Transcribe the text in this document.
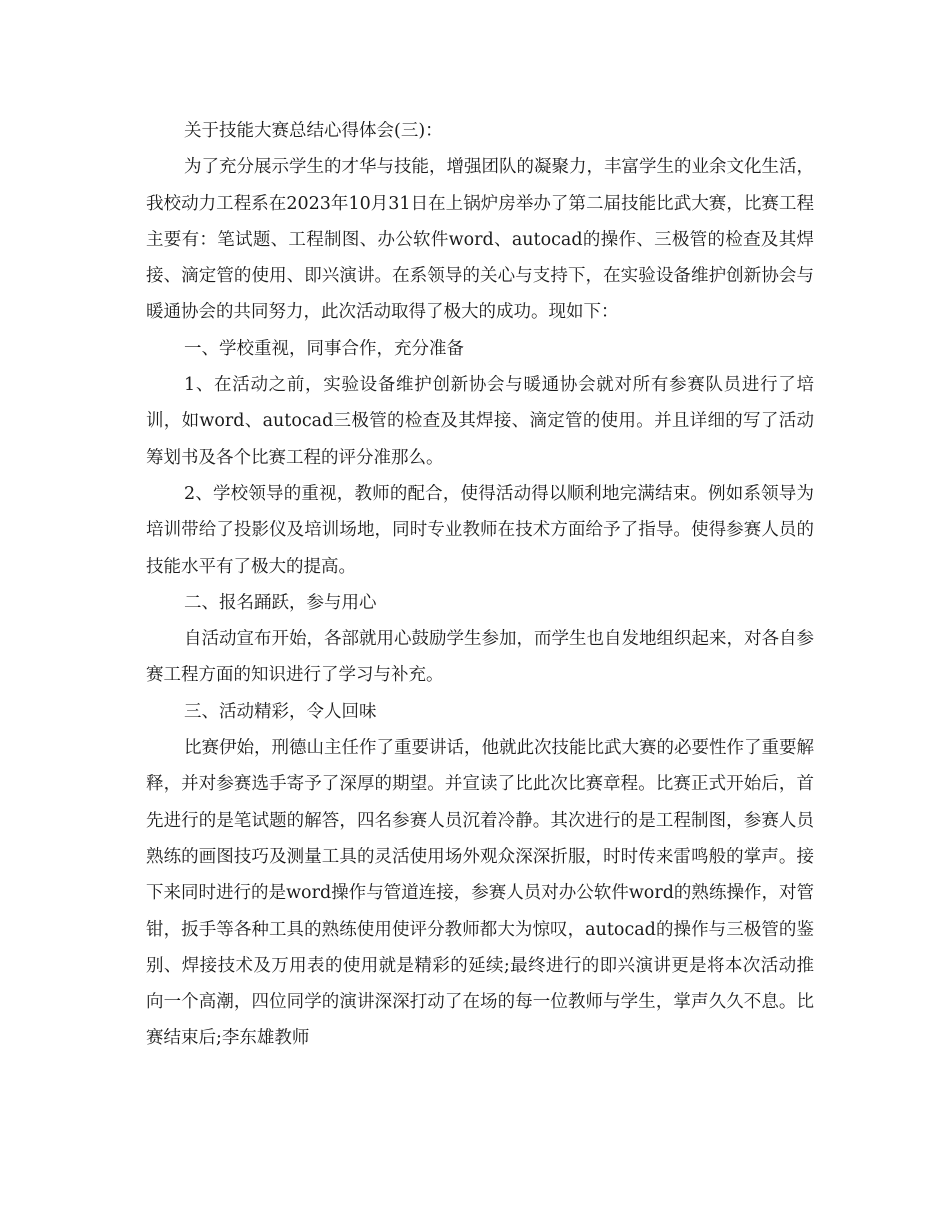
关于技能大赛总结心得体会(三)：

为了充分展示学生的才华与技能，增强团队的凝聚力，丰富学生的业余文化生活，我校动力工程系在2023年10月31日在上锅炉房举办了第二届技能比武大赛，比赛工程主要有：笔试题、工程制图、办公软件word、autocad的操作、三极管的检查及其焊接、滴定管的使用、即兴演讲。在系领导的关心与支持下，在实验设备维护创新协会与暖通协会的共同努力，此次活动取得了极大的成功。现如下：

一、学校重视，同事合作，充分准备

1、在活动之前，实验设备维护创新协会与暖通协会就对所有参赛队员进行了培训，如word、autocad三极管的检查及其焊接、滴定管的使用。并且详细的写了活动筹划书及各个比赛工程的评分准那么。

2、学校领导的重视，教师的配合，使得活动得以顺利地完满结束。例如系领导为培训带给了投影仪及培训场地，同时专业教师在技术方面给予了指导。使得参赛人员的技能水平有了极大的提高。

二、报名踊跃，参与用心

自活动宣布开始，各部就用心鼓励学生参加，而学生也自发地组织起来，对各自参赛工程方面的知识进行了学习与补充。

三、活动精彩，令人回味

比赛伊始，刑德山主任作了重要讲话，他就此次技能比武大赛的必要性作了重要解释，并对参赛选手寄予了深厚的期望。并宣读了比此次比赛章程。比赛正式开始后，首先进行的是笔试题的解答，四名参赛人员沉着冷静。其次进行的是工程制图，参赛人员熟练的画图技巧及测量工具的灵活使用场外观众深深折服，时时传来雷鸣般的掌声。接下来同时进行的是word操作与管道连接，参赛人员对办公软件word的熟练操作，对管钳，扳手等各种工具的熟练使用使评分教师都大为惊叹，autocad的操作与三极管的鉴别、焊接技术及万用表的使用就是精彩的延续;最终进行的即兴演讲更是将本次活动推向一个高潮，四位同学的演讲深深打动了在场的每一位教师与学生，掌声久久不息。比赛结束后;李东雄教师
